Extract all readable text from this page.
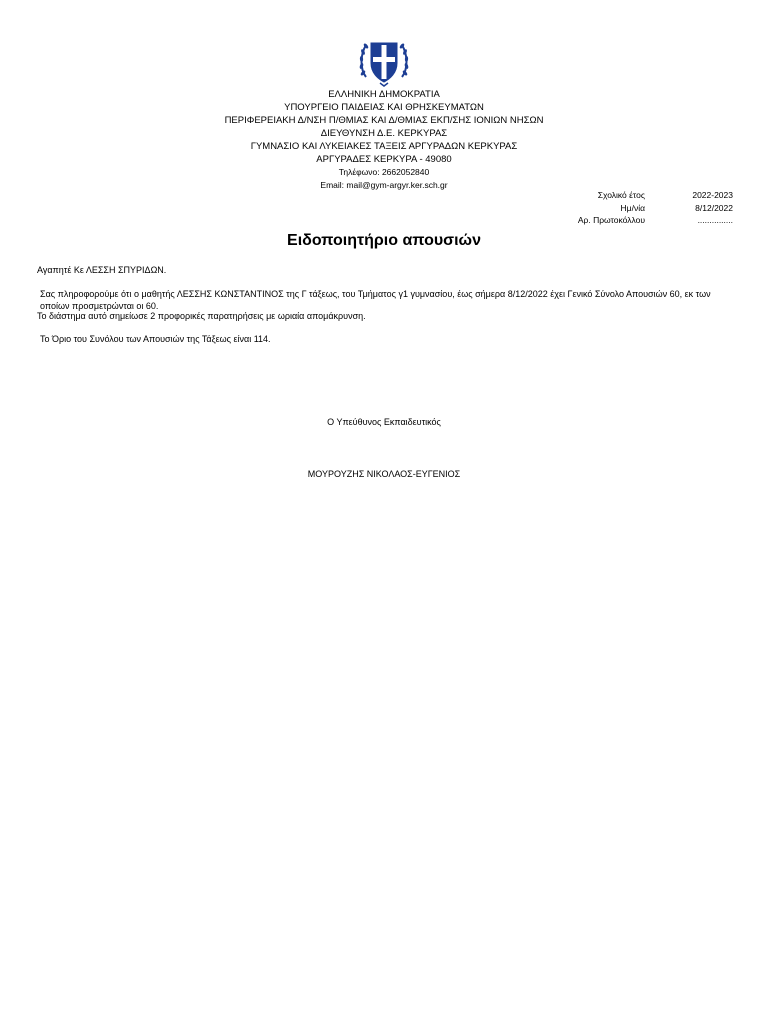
ΕΛΛΗΝΙΚΗ ΔΗΜΟΚΡΑΤΙΑ
ΥΠΟΥΡΓΕΙΟ ΠΑΙΔΕΙΑΣ ΚΑΙ ΘΡΗΣΚΕΥΜΑΤΩΝ
ΠΕΡΙΦΕΡΕΙΑΚΗ Δ/ΝΣΗ Π/ΘΜΙΑΣ ΚΑΙ Δ/ΘΜΙΑΣ ΕΚΠ/ΣΗΣ ΙΟΝΙΩΝ ΝΗΣΩΝ
ΔΙΕΥΘΥΝΣΗ Δ.Ε. ΚΕΡΚΥΡΑΣ
ΓΥΜΝΑΣΙΟ ΚΑΙ ΛΥΚΕΙΑΚΕΣ ΤΑΞΕΙΣ ΑΡΓΥΡΑΔΩΝ ΚΕΡΚΥΡΑΣ
ΑΡΓΥΡΑΔΕΣ ΚΕΡΚΥΡΑ - 49080
Τηλέφωνο: 2662052840
Email: mail@gym-argyr.ker.sch.gr
Σχολικό έτος	2022-2023
Ημ/νία	8/12/2022
Αρ. Πρωτοκόλλου	...............
Ειδοποιητήριο απουσιών
Αγαπητέ Κε ΛΕΣΣΗ ΣΠΥΡΙΔΩΝ.
Σας πληροφορούμε ότι ο μαθητής ΛΕΣΣΗΣ ΚΩΝΣΤΑΝΤΙΝΟΣ της Γ τάξεως, του Τμήματος γ1 γυμνασίου, έως σήμερα 8/12/2022 έχει Γενικό Σύνολο Απουσιών 60, εκ των οποίων προσμετρώνται οι 60.
Το διάστημα αυτό σημείωσε 2 προφορικές παρατηρήσεις με ωριαία απομάκρυνση.
Το Όριο του Συνόλου των Απουσιών της Τάξεως είναι 114.
Ο Υπεύθυνος Εκπαιδευτικός
ΜΟΥΡΟΥΖΗΣ ΝΙΚΟΛΑΟΣ-ΕΥΓΕΝΙΟΣ
